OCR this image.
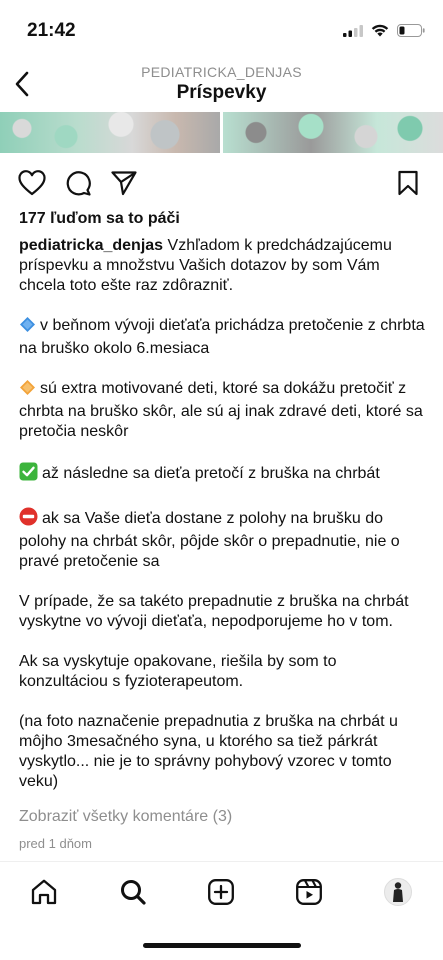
21:42
PEDIATRICKA_DENJAS
Príspevky
177 ľuďom sa to páči

pediatricka_denjas Vzhľadom k predchádzajúcemu príspevku a množstvu Vašich dotazov by som Vám chcela toto ešte raz zdôrazniť.

v beňnom vývoji dieťaťa prichádza pretočenie z chrbta na bruško okolo 6.mesiaca

sú extra motivované deti, ktoré sa dokážu pretočiť z chrbta na bruško skôr, ale sú aj inak zdravé deti, ktoré sa pretočia neskôr

až následne sa dieťa pretočí z bruška na chrbát

ak sa Vaše dieťa dostane z polohy na brušku do polohy na chrbát skôr, pôjde skôr o prepadnutie, nie o pravé pretočenie sa

V prípade, že sa takéto prepadnutie z bruška na chrbát vyskytne vo vývoji dieťaťa, nepodporujeme ho v tom.

Ak sa vyskytuje opakovane, riešila by som to konzultáciou s fyzioterapeutom.

(na foto naznačenie prepadnutia z bruška na chrbát u môjho 3mesačného syna, u ktorého sa tiež párkrát vyskytlo... nie je to správny pohybový vzorec v tomto veku)

Zobraziť všetky komentáre (3)
pred 1 dňom
